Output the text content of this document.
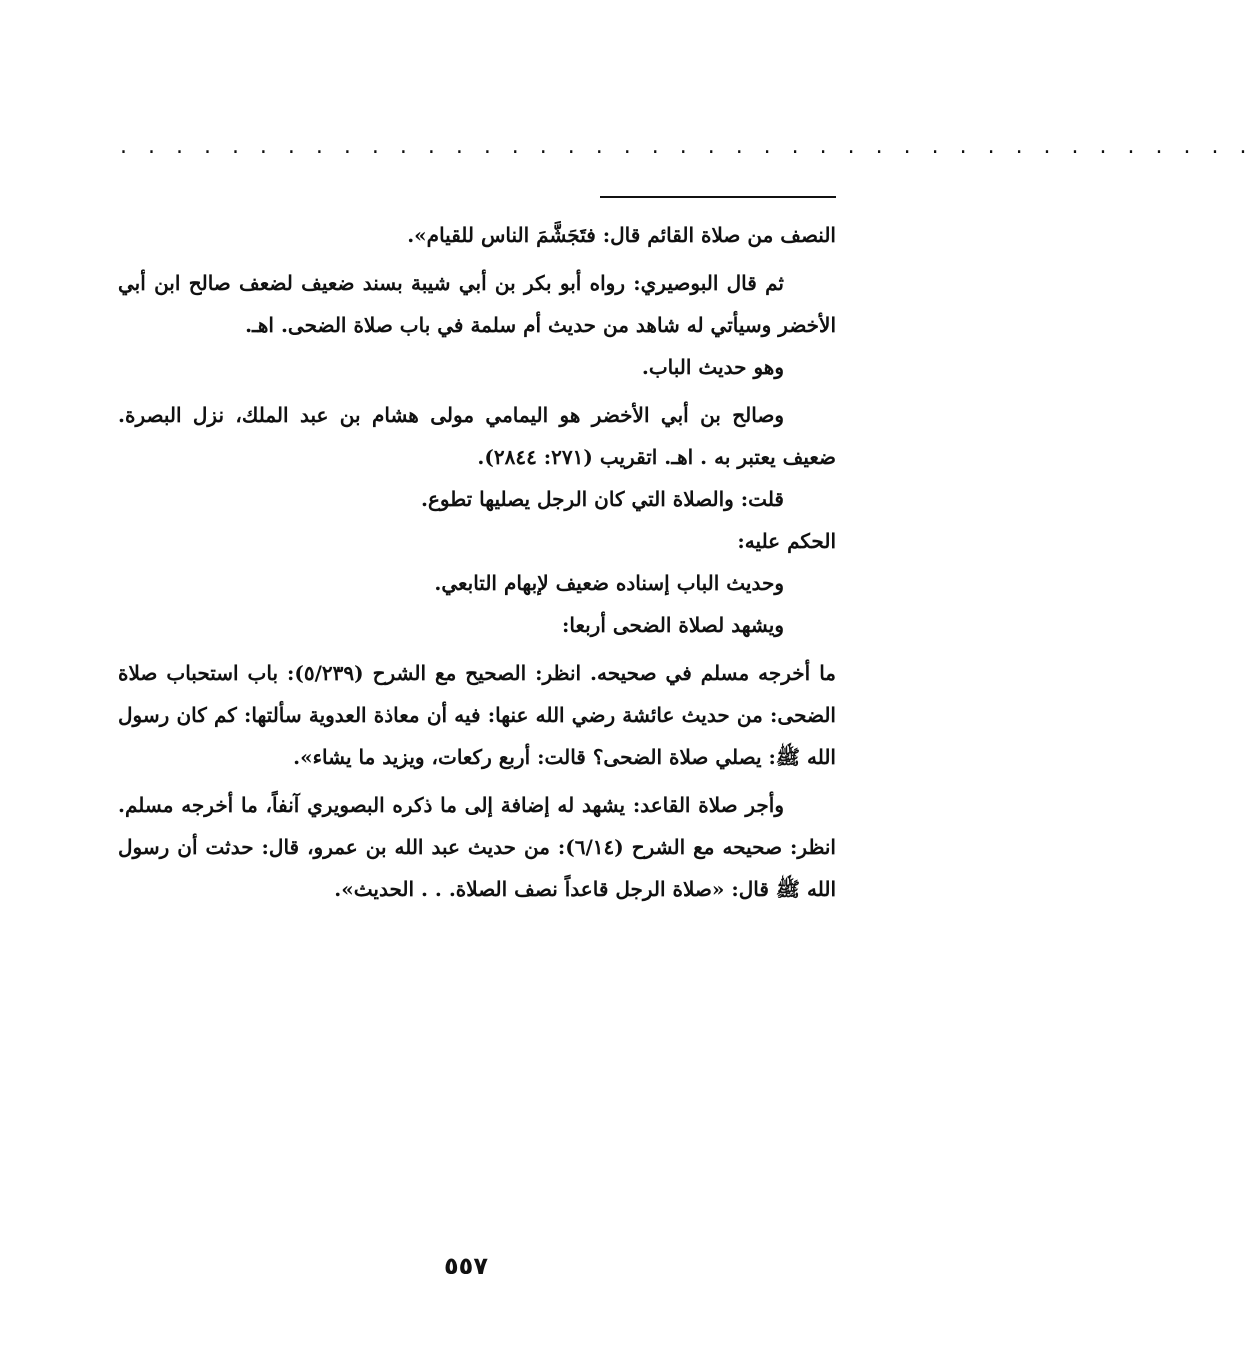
. . . . . . . . . . . . . . . . . . . . . . . . . . . . . . . . . . . . . . . . .

النصف من صلاة القائم قال: فتَجَشَّمَ الناس للقيام».

ثم قال البوصيري: رواه أبو بكر بن أبي شيبة بسند ضعيف لضعف صالح ابن أبي الأخضر وسيأتي له شاهد من حديث أم سلمة في باب صلاة الضحى. اهـ.

وهو حديث الباب.

وصالح بن أبي الأخضر هو اليمامي مولى هشام بن عبد الملك، نزل البصرة. ضعيف يعتبر به . اهـ. اتقريب (٢٧١: ٢٨٤٤).

قلت: والصلاة التي كان الرجل يصليها تطوع.

الحكم عليه:

وحديث الباب إسناده ضعيف لإبهام التابعي.

ويشهد لصلاة الضحى أربعا:

ما أخرجه مسلم في صحيحه. انظر: الصحيح مع الشرح (٥/٢٣٩): باب استحباب صلاة الضحى: من حديث عائشة رضي الله عنها: فيه أن معاذة العدوية سألتها: كم كان رسول الله ﷺ: يصلي صلاة الضحى؟ قالت: أربع ركعات، ويزيد ما يشاء».

وأجر صلاة القاعد: يشهد له إضافة إلى ما ذكره البصويري آنفاً، ما أخرجه مسلم. انظر: صحيحه مع الشرح (٦/١٤): من حديث عبد الله بن عمرو، قال: حدثت أن رسول الله ﷺ قال: «صلاة الرجل قاعداً نصف الصلاة. . . الحديث».

٥٥٧
